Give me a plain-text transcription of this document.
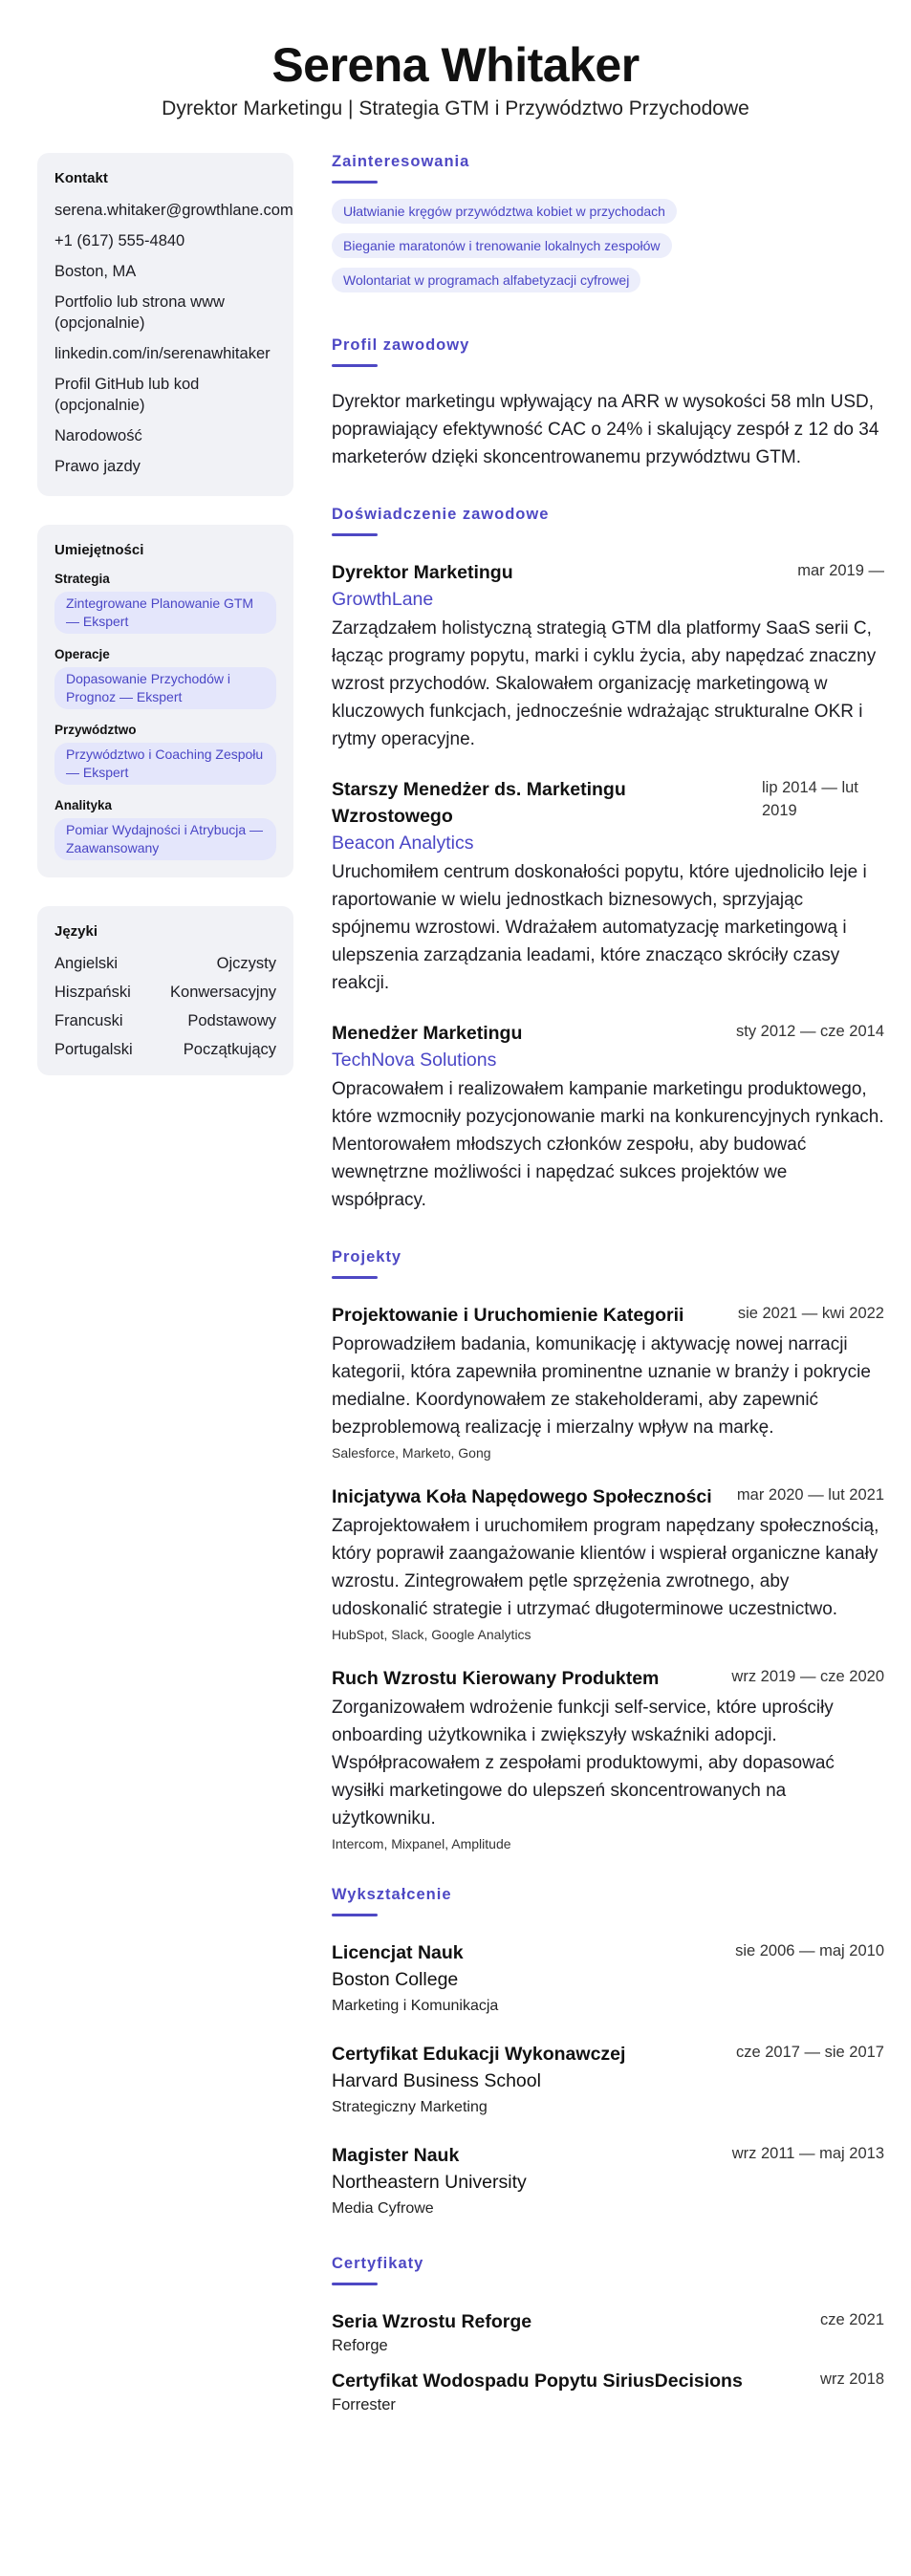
Serena Whitaker
Dyrektor Marketingu | Strategia GTM i Przywództwo Przychodowe
Kontakt
serena.whitaker@growthlane.com
+1 (617) 555-4840
Boston, MA
Portfolio lub strona www (opcjonalnie)
linkedin.com/in/serenawhitaker
Profil GitHub lub kod (opcjonalnie)
Narodowość
Prawo jazdy
Umiejętności
Strategia
Zintegrowane Planowanie GTM — Ekspert
Operacje
Dopasowanie Przychodów i Prognoz — Ekspert
Przywództwo
Przywództwo i Coaching Zespołu — Ekspert
Analityka
Pomiar Wydajności i Atrybucja — Zaawansowany
Języki
Angielski	Ojczysty
Hiszpański	Konwersacyjny
Francuski	Podstawowy
Portugalski	Początkujący
Zainteresowania
Ułatwianie kręgów przywództwa kobiet w przychodach
Bieganie maratonów i trenowanie lokalnych zespołów
Wolontariat w programach alfabetyzacji cyfrowej
Profil zawodowy
Dyrektor marketingu wpływający na ARR w wysokości 58 mln USD, poprawiający efektywność CAC o 24% i skalujący zespół z 12 do 34 marketerów dzięki skoncentrowanemu przywództwu GTM.
Doświadczenie zawodowe
Dyrektor Marketingu	mar 2019 —
GrowthLane
Zarządzałem holistyczną strategią GTM dla platformy SaaS serii C, łącząc programy popytu, marki i cyklu życia, aby napędzać znaczny wzrost przychodów. Skalowałem organizację marketingową w kluczowych funkcjach, jednocześnie wdrażając strukturalne OKR i rytmy operacyjne.
Starszy Menedżer ds. Marketingu Wzrostowego
lip 2014 — lut 2019
Beacon Analytics
Uruchomiłem centrum doskonałości popytu, które ujednoliciło leje i raportowanie w wielu jednostkach biznesowych, sprzyjając spójnemu wzrostowi. Wdrażałem automatyzację marketingową i ulepszenia zarządzania leadami, które znacząco skróciły czasy reakcji.
Menedżer Marketingu	sty 2012 — cze 2014
TechNova Solutions
Opracowałem i realizowałem kampanie marketingu produktowego, które wzmocniły pozycjonowanie marki na konkurencyjnych rynkach. Mentorowałem młodszych członków zespołu, aby budować wewnętrzne możliwości i napędzać sukces projektów we współpracy.
Projekty
Projektowanie i Uruchomienie Kategorii	sie 2021 — kwi 2022
Poprowadziłem badania, komunikację i aktywację nowej narracji kategorii, która zapewniła prominentne uznanie w branży i pokrycie medialne. Koordynowałem ze stakeholderami, aby zapewnić bezproblemową realizację i mierzalny wpływ na markę.
Salesforce, Marketo, Gong
Inicjatywa Koła Napędowego Społeczności	mar 2020 — lut 2021
Zaprojektowałem i uruchomiłem program napędzany społecznością, który poprawił zaangażowanie klientów i wspierał organiczne kanały wzrostu. Zintegrowałem pętle sprzężenia zwrotnego, aby udoskonalić strategie i utrzymać długoterminowe uczestnictwo.
HubSpot, Slack, Google Analytics
Ruch Wzrostu Kierowany Produktem	wrz 2019 — cze 2020
Zorganizowałem wdrożenie funkcji self-service, które uprościły onboarding użytkownika i zwiększyły wskaźniki adopcji. Współpracowałem z zespołami produktowymi, aby dopasować wysiłki marketingowe do ulepszeń skoncentrowanych na użytkowniku.
Intercom, Mixpanel, Amplitude
Wykształcenie
Licencjat Nauk	sie 2006 — maj 2010
Boston College
Marketing i Komunikacja
Certyfikat Edukacji Wykonawczej	cze 2017 — sie 2017
Harvard Business School
Strategiczny Marketing
Magister Nauk	wrz 2011 — maj 2013
Northeastern University
Media Cyfrowe
Certyfikaty
Seria Wzrostu Reforge	cze 2021
Reforge
Certyfikat Wodospadu Popytu SiriusDecisions	wrz 2018
Forrester
